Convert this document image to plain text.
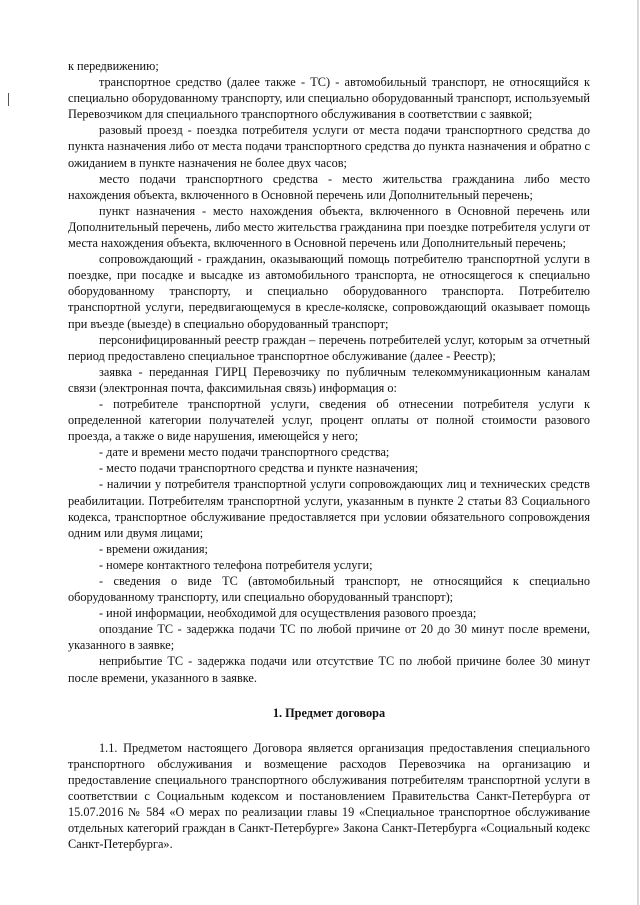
к передвижению;

транспортное средство (далее также - ТС) - автомобильный транспорт, не относящийся к специально оборудованному транспорту, или специально оборудованный транспорт, используемый Перевозчиком для специального транспортного обслуживания в соответствии с заявкой;

разовый проезд - поездка потребителя услуги от места подачи транспортного средства до пункта назначения либо от места подачи транспортного средства до пункта назначения и обратно с ожиданием в пункте назначения не более двух часов;

место подачи транспортного средства - место жительства гражданина либо место нахождения объекта, включенного в Основной перечень или Дополнительный перечень;

пункт назначения - место нахождения объекта, включенного в Основной перечень или Дополнительный перечень, либо место жительства гражданина при поездке потребителя услуги от места нахождения объекта, включенного в Основной перечень или Дополнительный перечень;

сопровождающий - гражданин, оказывающий помощь потребителю транспортной услуги в поездке, при посадке и высадке из автомобильного транспорта, не относящегося к специально оборудованному транспорту, и специально оборудованного транспорта. Потребителю транспортной услуги, передвигающемуся в кресле-коляске, сопровождающий оказывает помощь при въезде (выезде) в специально оборудованный транспорт;

персонифицированный реестр граждан – перечень потребителей услуг, которым за отчетный период предоставлено специальное транспортное обслуживание (далее - Реестр);

заявка - переданная ГИРЦ Перевозчику по публичным телекоммуникационным каналам связи (электронная почта, факсимильная связь) информация о:

- потребителе транспортной услуги, сведения об отнесении потребителя услуги к определенной категории получателей услуг, процент оплаты от полной стоимости разового проезда, а также о виде нарушения, имеющейся у него;

- дате и времени место подачи транспортного средства;

- место подачи транспортного средства и пункте назначения;

- наличии у потребителя транспортной услуги сопровождающих лиц и технических средств реабилитации. Потребителям транспортной услуги, указанным в пункте 2 статьи 83 Социального кодекса, транспортное обслуживание предоставляется при условии обязательного сопровождения одним или двумя лицами;

- времени ожидания;

- номере контактного телефона потребителя услуги;

- сведения о виде ТС (автомобильный транспорт, не относящийся к специально оборудованному транспорту, или специально оборудованный транспорт);

- иной информации, необходимой для осуществления разового проезда;

опоздание ТС - задержка подачи ТС по любой причине от 20 до 30 минут после времени, указанного в заявке;

неприбытие ТС - задержка подачи или отсутствие ТС по любой причине более 30 минут после времени, указанного в заявке.

1. Предмет договора

1.1. Предметом настоящего Договора является организация предоставления специального транспортного обслуживания и возмещение расходов Перевозчика на организацию и предоставление специального транспортного обслуживания потребителям транспортной услуги в соответствии с Социальным кодексом и постановлением Правительства Санкт-Петербурга от 15.07.2016 № 584 «О мерах по реализации главы 19 «Специальное транспортное обслуживание отдельных категорий граждан в Санкт-Петербурге» Закона Санкт-Петербурга «Социальный кодекс Санкт-Петербурга».
